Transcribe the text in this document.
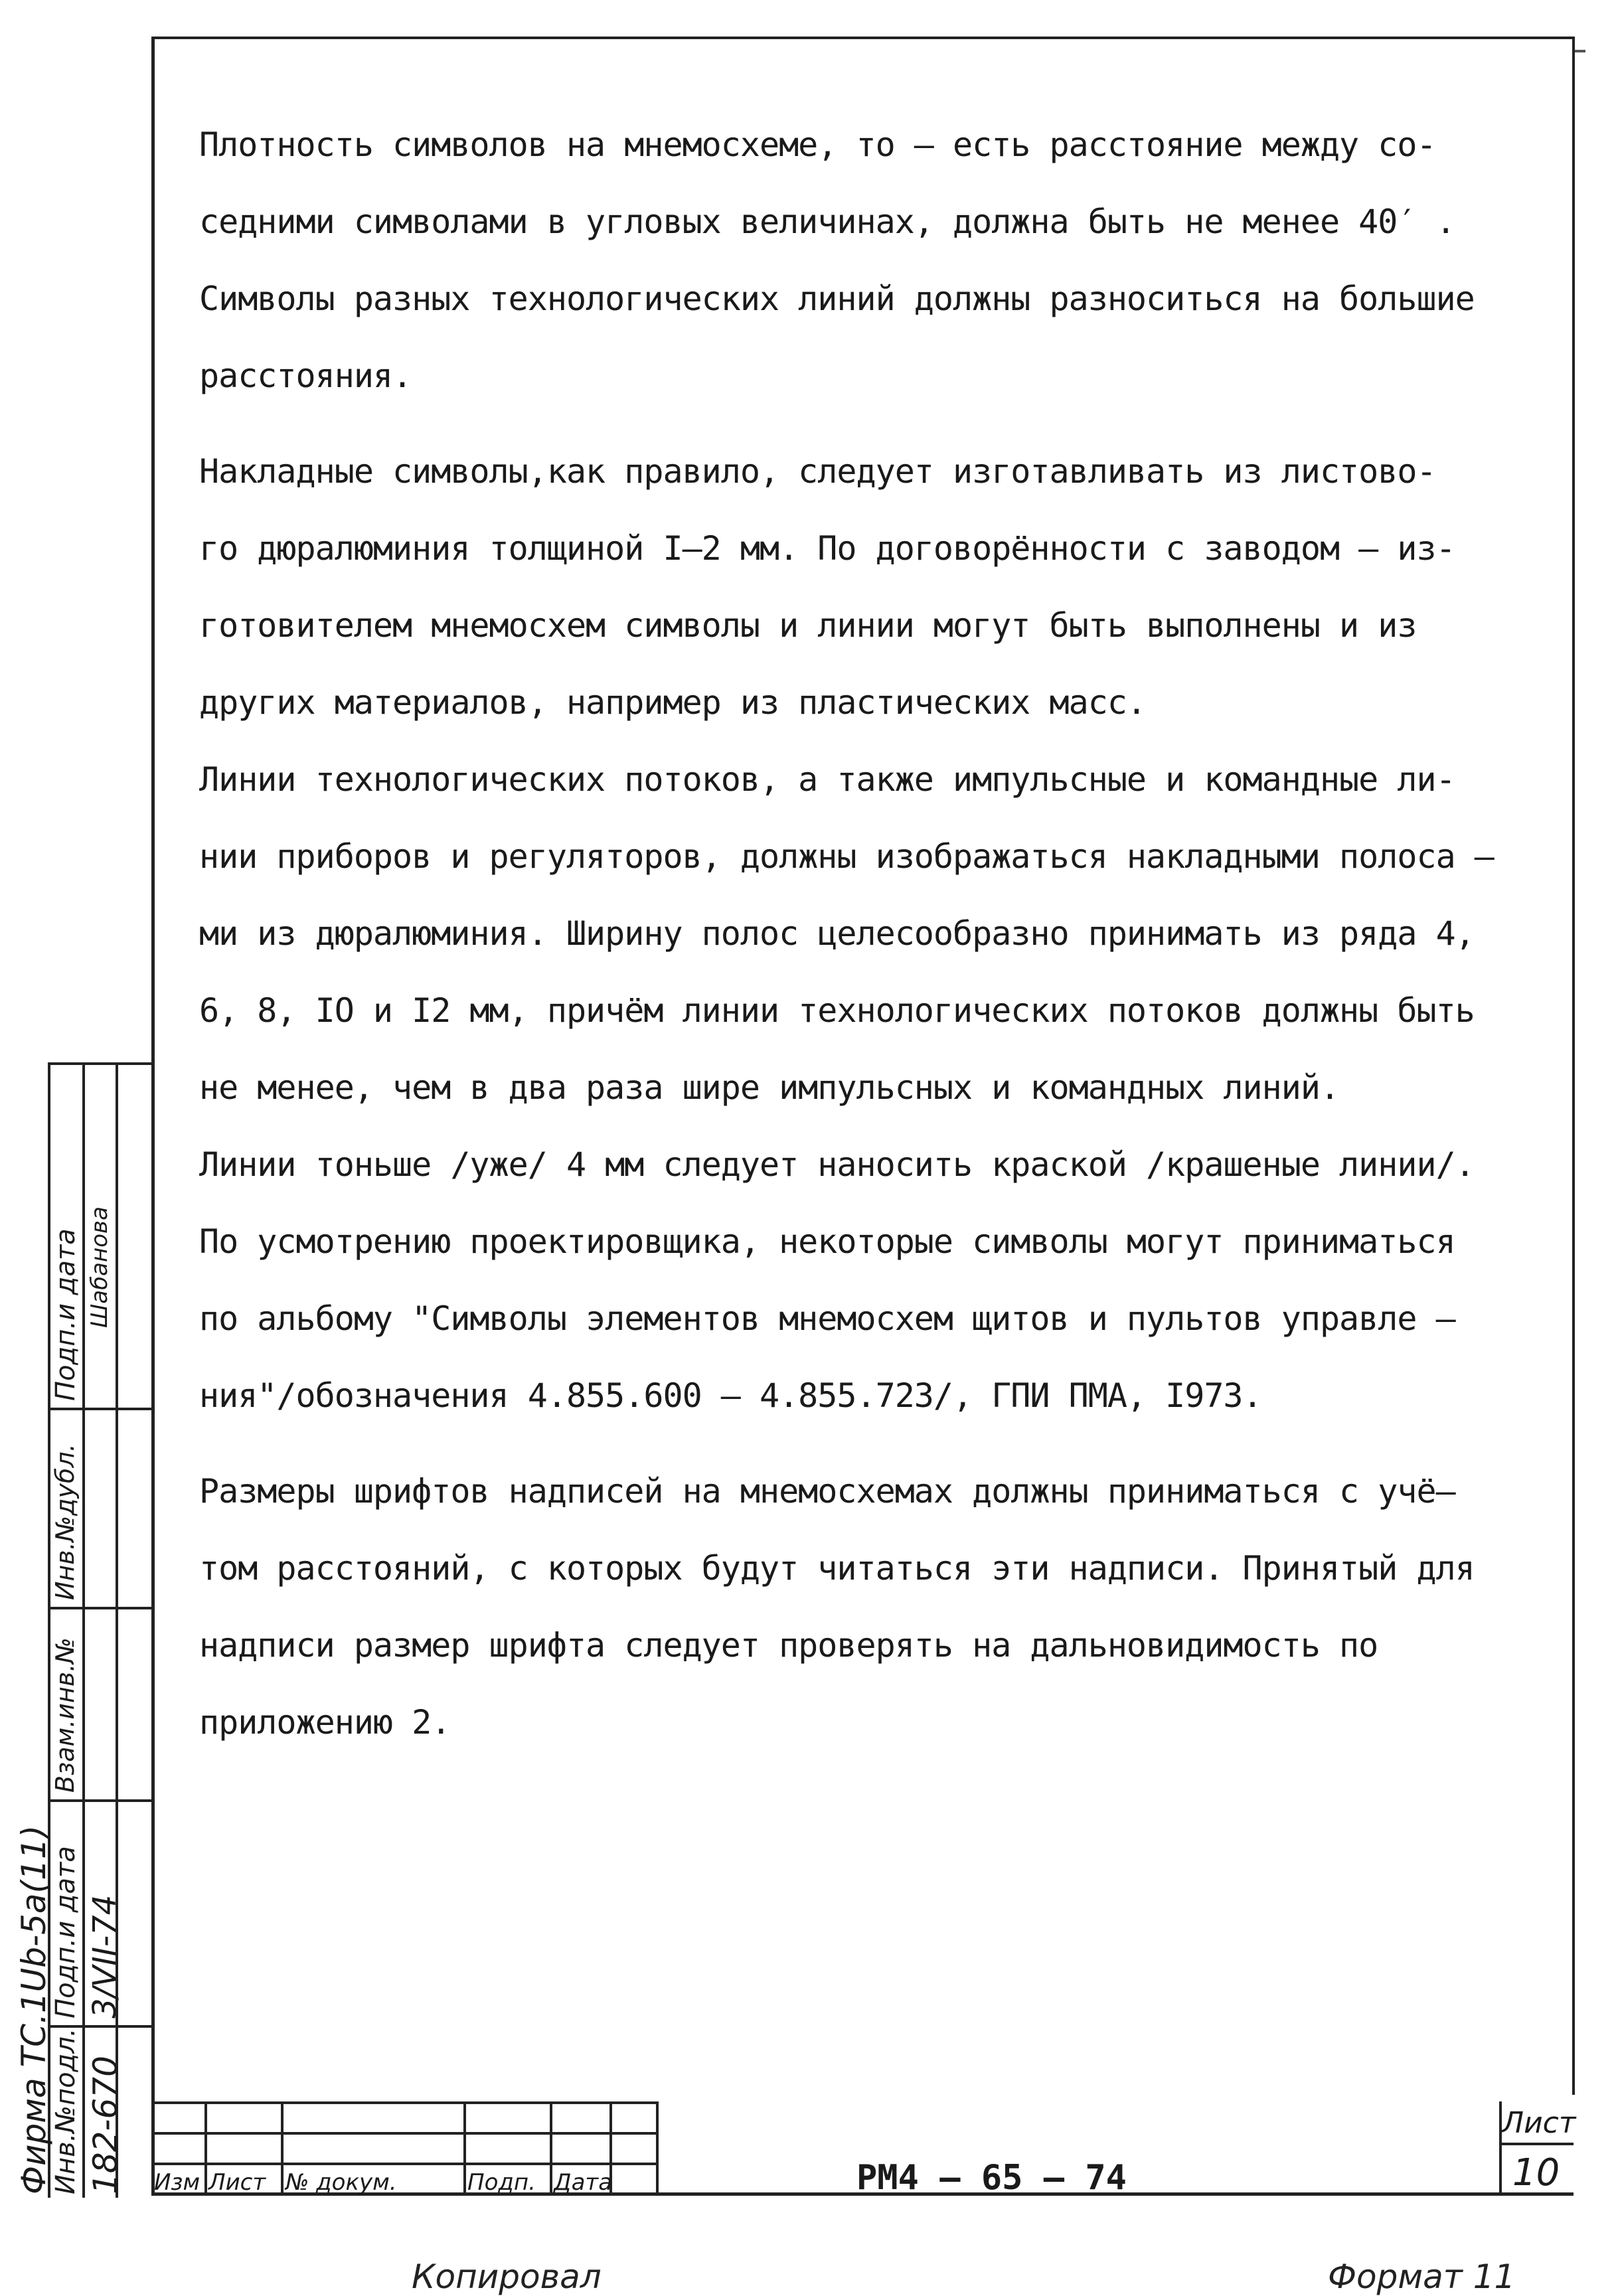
Плотность символов на мнемосхеме, то – есть расстояние между со-

седними символами в угловых величинах, должна быть не менее 40′ .

Символы разных технологических линий должны разноситься на большие

расстояния.

Накладные символы,как правило, следует изготавливать из листово-

го дюралюминия толщиной I–2 мм. По договорённости с заводом – из-

готовителем мнемосхем символы и линии могут быть выполнены и из

других материалов, например из пластических масс.

Линии технологических потоков, а также импульсные и командные ли-

нии приборов и регуляторов, должны изображаться накладными полоса –

ми из дюралюминия. Ширину полос целесообразно принимать из ряда 4,

6, 8, IO и I2 мм, причём линии технологических потоков должны быть

не менее, чем в два раза шире импульсных и командных линий.

Линии тоньше /уже/ 4 мм следует наносить краской /крашеные линии/.

По усмотрению проектировщика, некоторые символы могут приниматься

по альбому "Символы элементов мнемосхем щитов и пультов управле –

ния"/обозначения 4.855.600 – 4.855.723/, ГПИ ПМА, I973.

Размеры шрифтов надписей на мнемосхемах должны приниматься с учё–

том расстояний, с которых будут читаться эти надписи. Принятый для

надписи размер шрифта следует проверять на дальновидимость по

приложению 2.

Фирма ТС.1Ub-5a(11)
Инв.№подл. 182-670
Подп.и дата 3/VII-74
Взам.инв.№
Инв.№дубл.
Подп.и дата Шабанова
Изм Лист № докум.	Подп. Дата	РМ4 – 65 – 74
Лист
10
Копировал	Формат 11
